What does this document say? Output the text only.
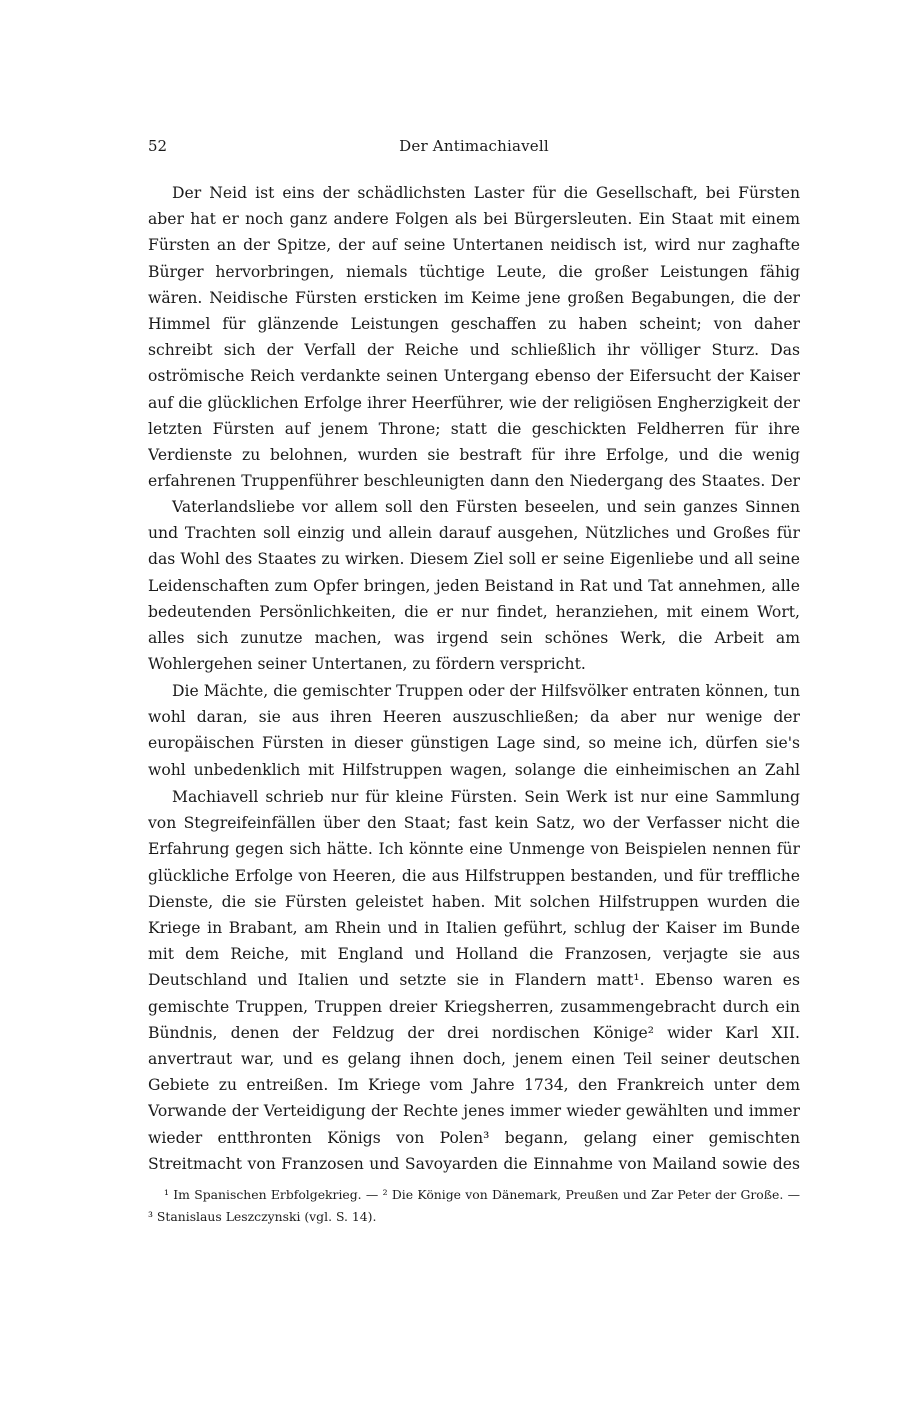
52	Der Antimachiavell

Der Neid ist eins der schädlichsten Laster für die Gesellschaft, bei Fürsten aber hat er noch ganz andere Folgen als bei Bürgersleuten. Ein Staat mit einem Fürsten an der Spitze, der auf seine Untertanen neidisch ist, wird nur zaghafte Bürger hervorbringen, niemals tüchtige Leute, die großer Leistungen fähig wären. Neidische Fürsten ersticken im Keime jene großen Begabungen, die der Himmel für glänzende Leistungen geschaffen zu haben scheint; von daher schreibt sich der Verfall der Reiche und schließlich ihr völliger Sturz. Das oströmische Reich verdankte seinen Untergang ebenso der Eifersucht der Kaiser auf die glücklichen Erfolge ihrer Heerführer, wie der religiösen Engherzigkeit der letzten Fürsten auf jenem Throne; statt die geschickten Feldherren für ihre Verdienste zu belohnen, wurden sie bestraft für ihre Erfolge, und die wenig erfahrenen Truppenführer beschleunigten dann den Niedergang des Staates. Der

Vaterlandsliebe vor allem soll den Fürsten beseelen, und sein ganzes Sinnen und Trachten soll einzig und allein darauf ausgehen, Nützliches und Großes für das Wohl des Staates zu wirken. Diesem Ziel soll er seine Eigenliebe und all seine Leidenschaften zum Opfer bringen, jeden Beistand in Rat und Tat annehmen, alle bedeutenden Persönlichkeiten, die er nur findet, heranziehen, mit einem Wort, alles sich zunutze machen, was irgend sein schönes Werk, die Arbeit am Wohlergehen seiner Untertanen, zu fördern verspricht.

Die Mächte, die gemischter Truppen oder der Hilfsvölker entraten können, tun wohl daran, sie aus ihren Heeren auszuschließen; da aber nur wenige der europäischen Fürsten in dieser günstigen Lage sind, so meine ich, dürfen sie's wohl unbedenklich mit Hilfstruppen wagen, solange die einheimischen an Zahl

Machiavell schrieb nur für kleine Fürsten. Sein Werk ist nur eine Sammlung von Stegreifeinfällen über den Staat; fast kein Satz, wo der Verfasser nicht die Erfahrung gegen sich hätte. Ich könnte eine Unmenge von Beispielen nennen für glückliche Erfolge von Heeren, die aus Hilfstruppen bestanden, und für treffliche Dienste, die sie Fürsten geleistet haben. Mit solchen Hilfstruppen wurden die Kriege in Brabant, am Rhein und in Italien geführt, schlug der Kaiser im Bunde mit dem Reiche, mit England und Holland die Franzosen, verjagte sie aus Deutschland und Italien und setzte sie in Flandern matt¹. Ebenso waren es gemischte Truppen, Truppen dreier Kriegsherren, zusammengebracht durch ein Bündnis, denen der Feldzug der drei nordischen Könige² wider Karl XII. anvertraut war, und es gelang ihnen doch, jenem einen Teil seiner deutschen Gebiete zu entreißen. Im Kriege vom Jahre 1734, den Frankreich unter dem Vorwande der Verteidigung der Rechte jenes immer wieder gewählten und immer wieder entthronten Königs von Polen³ begann, gelang einer gemischten Streitmacht von Franzosen und Savoyarden die Einnahme von Mailand sowie des

¹ Im Spanischen Erbfolgekrieg. — ² Die Könige von Dänemark, Preußen und Zar Peter der Große. — ³ Stanislaus Leszczynski (vgl. S. 14).
